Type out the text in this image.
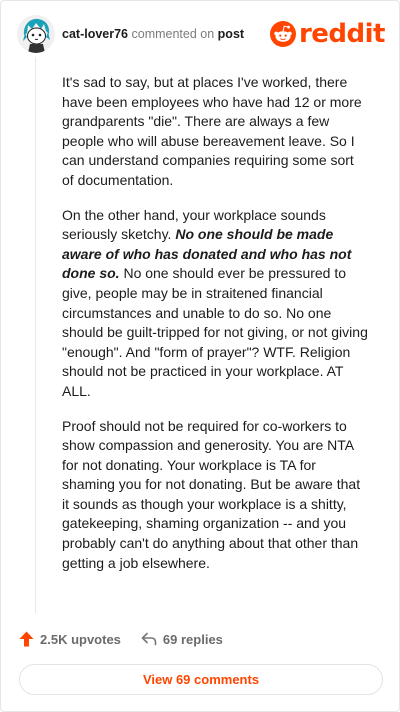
cat-lover76 commented on post reddit

It's sad to say, but at places I've worked, there have been employees who have had 12 or more grandparents "die". There are always a few people who will abuse bereavement leave. So I can understand companies requiring some sort of documentation.

On the other hand, your workplace sounds seriously sketchy. No one should be made aware of who has donated and who has not done so. No one should ever be pressured to give, people may be in straitened financial circumstances and unable to do so. No one should be guilt-tripped for not giving, or not giving "enough". And "form of prayer"? WTF. Religion should not be practiced in your workplace. AT ALL.

Proof should not be required for co-workers to show compassion and generosity. You are NTA for not donating. Your workplace is TA for shaming you for not donating. But be aware that it sounds as though your workplace is a shitty, gatekeeping, shaming organization -- and you probably can't do anything about that other than getting a job elsewhere.

2.5K upvotes	69 replies
View 69 comments
